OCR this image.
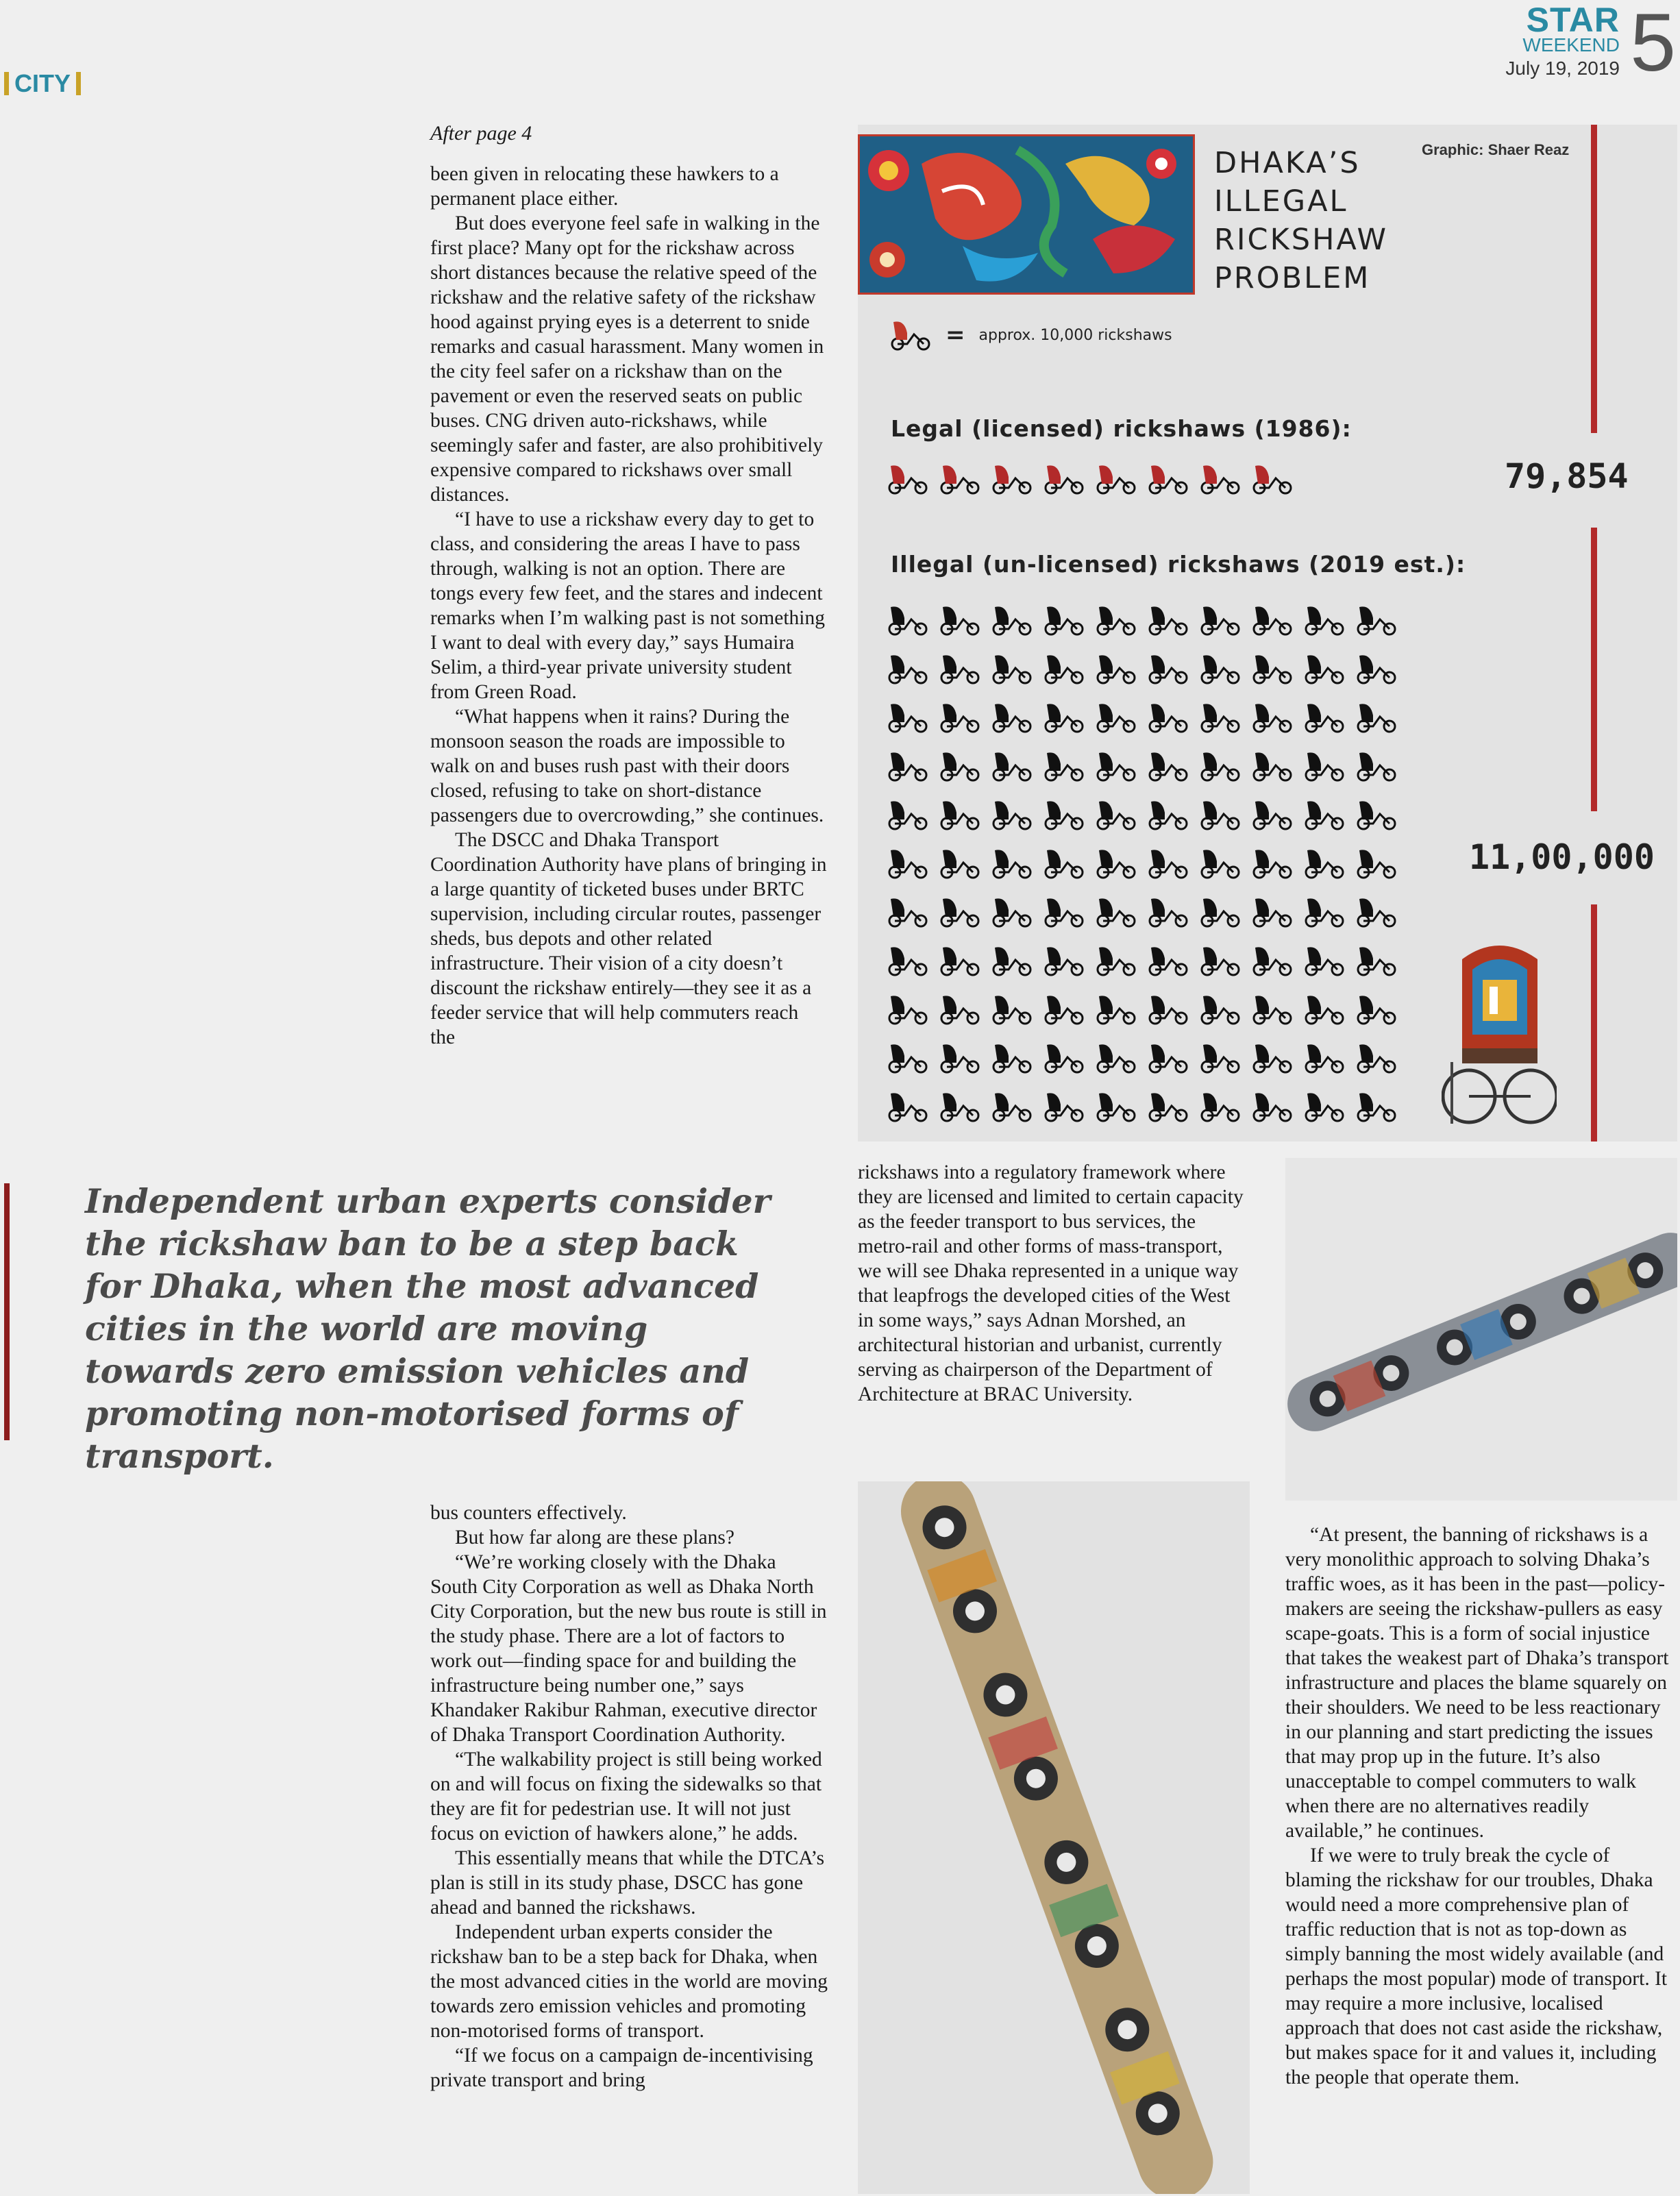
CITY
STAR
WEEKEND
July 19, 2019 5
After page 4

been given in relocating these hawkers to a permanent place either.

But does everyone feel safe in walking in the first place? Many opt for the rickshaw across short distances because the relative speed of the rickshaw and the relative safety of the rickshaw hood against prying eyes is a deterrent to snide remarks and casual harassment. Many women in the city feel safer on a rickshaw than on the pavement or even the reserved seats on public buses. CNG driven auto-rickshaws, while seemingly safer and faster, are also prohibitively expensive compared to rickshaws over small distances.

“I have to use a rickshaw every day to get to class, and considering the areas I have to pass through, walking is not an option. There are tongs every few feet, and the stares and indecent remarks when I’m walking past is not something I want to deal with every day,” says Humaira Selim, a third-year private university student from Green Road.

“What happens when it rains? During the monsoon season the roads are impossible to walk on and buses rush past with their doors closed, refusing to take on short-distance passengers due to overcrowding,” she continues.

The DSCC and Dhaka Transport Coordination Authority have plans of bringing in a large quantity of ticketed buses under BRTC supervision, including circular routes, passenger sheds, bus depots and other related infrastructure. Their vision of a city doesn’t discount the rickshaw entirely—they see it as a feeder service that will help commuters reach the

DHAKA’S
ILLEGAL
RICKSHAW
PROBLEM
Graphic: Shaer Reaz
= approx. 10,000 rickshaws
Legal (licensed) rickshaws (1986):
79,854
Illegal (un-licensed) rickshaws (2019 est.):
11,00,000
Independent urban experts consider the rickshaw ban to be a step back for Dhaka, when the most advanced cities in the world are moving towards zero emission vehicles and promoting non-motorised forms of transport.

rickshaws into a regulatory framework where they are licensed and limited to certain capacity as the feeder transport to bus services, the metro-rail and other forms of mass-transport, we will see Dhaka represented in a unique way that leapfrogs the developed cities of the West in some ways,” says Adnan Morshed, an architectural historian and urbanist, currently serving as chairperson of the Department of Architecture at BRAC University.

bus counters effectively.

But how far along are these plans?

“We’re working closely with the Dhaka South City Corporation as well as Dhaka North City Corporation, but the new bus route is still in the study phase. There are a lot of factors to work out—finding space for and building the infrastructure being number one,” says Khandaker Rakibur Rahman, executive director of Dhaka Transport Coordination Authority.

“The walkability project is still being worked on and will focus on fixing the sidewalks so that they are fit for pedestrian use. It will not just focus on eviction of hawkers alone,” he adds.

This essentially means that while the DTCA’s plan is still in its study phase, DSCC has gone ahead and banned the rickshaws.

Independent urban experts consider the rickshaw ban to be a step back for Dhaka, when the most advanced cities in the world are moving towards zero emission vehicles and promoting non-motorised forms of transport.

“If we focus on a campaign de-incentivising private transport and bring

“At present, the banning of rickshaws is a very monolithic approach to solving Dhaka’s traffic woes, as it has been in the past—policy-makers are seeing the rickshaw-pullers as easy scape-goats. This is a form of social injustice that takes the weakest part of Dhaka’s transport infrastructure and places the blame squarely on their shoulders. We need to be less reactionary in our planning and start predicting the issues that may prop up in the future. It’s also unacceptable to compel commuters to walk when there are no alternatives readily available,” he continues.

If we were to truly break the cycle of blaming the rickshaw for our troubles, Dhaka would need a more comprehensive plan of traffic reduction that is not as top-down as simply banning the most widely available (and perhaps the most popular) mode of transport. It may require a more inclusive, localised approach that does not cast aside the rickshaw, but makes space for it and values it, including the people that operate them.
